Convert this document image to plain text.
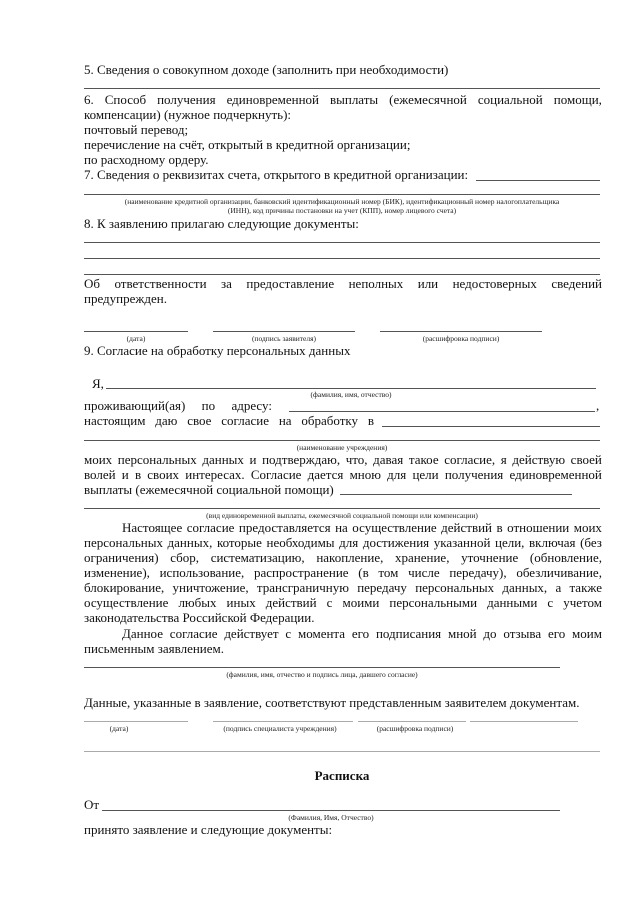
5. Сведения о совокупном доходе (заполнить при необходимости)
6. Способ получения единовременной выплаты (ежемесячной социальной помощи,
компенсации) (нужное подчеркнуть):
почтовый перевод;
перечисление на счёт, открытый в кредитной организации;
по расходному ордеру.
7. Сведения о реквизитах счета, открытого в кредитной организации:
(наименование кредитной организации, банковский идентификационный номер (БИК), идентификационный номер налогоплательщика
(ИНН), код причины постановки на учет (КПП), номер лицевого счета)
8. К заявлению прилагаю следующие документы:
Об ответственности за предоставление неполных или недостоверных сведений
предупрежден.
(дата)	(подпись заявителя)	(расшифровка подписи)
9. Согласие на обработку персональных данных
Я,
(фамилия, имя, отчество)
проживающий(ая) по адресу:	,
настоящим даю свое согласие на обработку в
(наименование учреждения)
моих персональных данных и подтверждаю, что, давая такое согласие, я действую своей
волей и в своих интересах. Согласие дается мною для цели получения единовременной
выплаты (ежемесячной социальной помощи)
(вид единовременной выплаты, ежемесячной социальной помощи или компенсации)
Настоящее согласие предоставляется на осуществление действий в отношении моих
персональных данных, которые необходимы для достижения указанной цели, включая (без
ограничения) сбор, систематизацию, накопление, хранение, уточнение (обновление,
изменение), использование, распространение (в том числе передачу), обезличивание,
блокирование, уничтожение, трансграничную передачу персональных данных, а также
осуществление любых иных действий с моими персональными данными с учетом
законодательства Российской Федерации.
Данное согласие действует с момента его подписания мной до отзыва его моим
письменным заявлением.
(фамилия, имя, отчество и подпись лица, давшего согласие)
Данные, указанные в заявление, соответствуют представленным заявителем документам.
(дата)	(подпись специалиста учреждения)	(расшифровка подписи)
Расписка
От
(Фамилия, Имя, Отчество)
принято заявление и следующие документы:
